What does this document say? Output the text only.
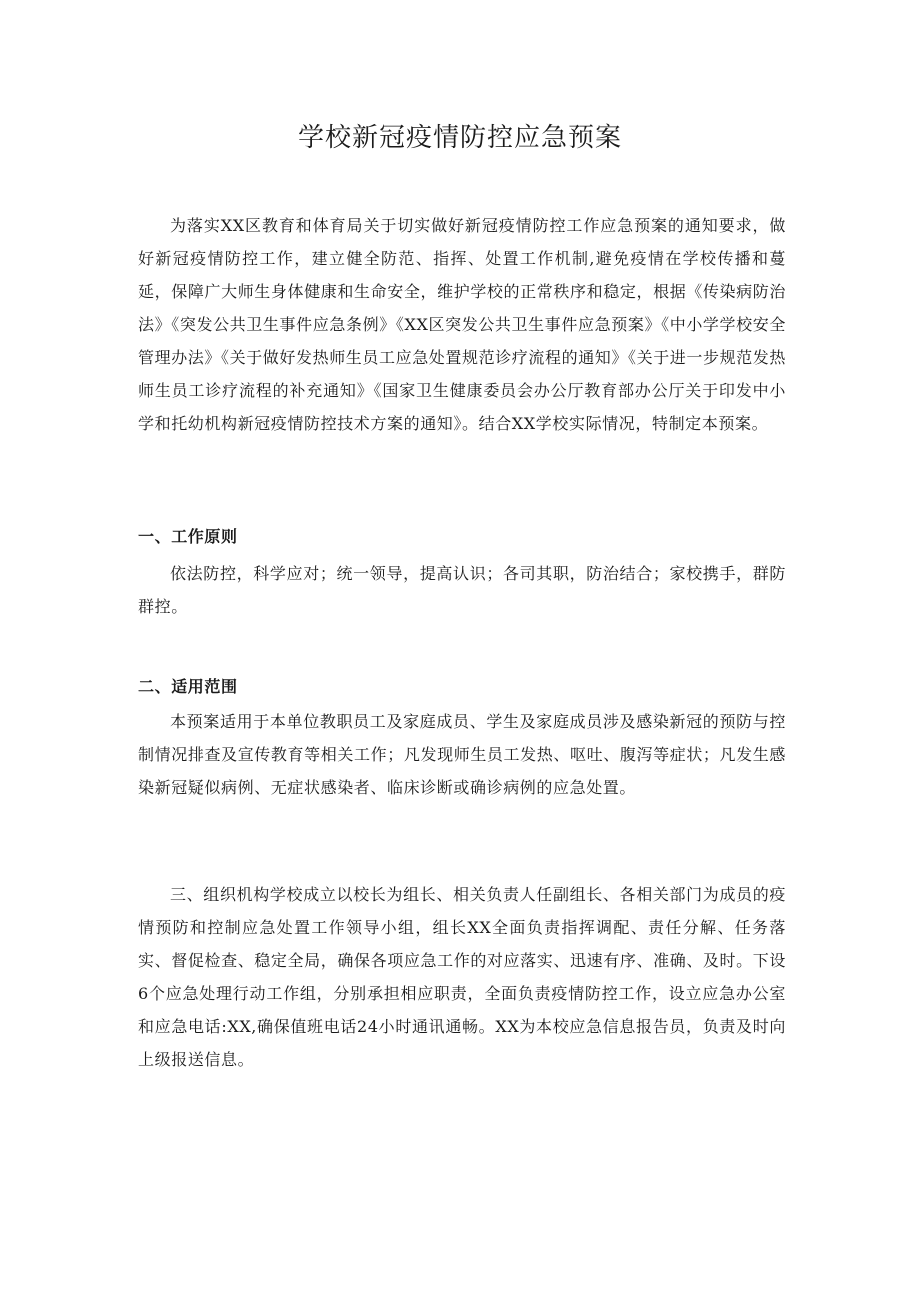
学校新冠疫情防控应急预案

为落实XX区教育和体育局关于切实做好新冠疫情防控工作应急预案的通知要求，做好新冠疫情防控工作，建立健全防范、指挥、处置工作机制,避免疫情在学校传播和蔓延，保障广大师生身体健康和生命安全，维护学校的正常秩序和稳定，根据《传染病防治法》《突发公共卫生事件应急条例》《XX区突发公共卫生事件应急预案》《中小学学校安全管理办法》《关于做好发热师生员工应急处置规范诊疗流程的通知》《关于进一步规范发热师生员工诊疗流程的补充通知》《国家卫生健康委员会办公厅教育部办公厅关于印发中小学和托幼机构新冠疫情防控技术方案的通知》。结合XX学校实际情况，特制定本预案。

一、工作原则

依法防控，科学应对；统一领导，提高认识；各司其职，防治结合；家校携手，群防群控。

二、适用范围

本预案适用于本单位教职员工及家庭成员、学生及家庭成员涉及感染新冠的预防与控制情况排查及宣传教育等相关工作；凡发现师生员工发热、呕吐、腹泻等症状；凡发生感染新冠疑似病例、无症状感染者、临床诊断或确诊病例的应急处置。

三、组织机构学校成立以校长为组长、相关负责人任副组长、各相关部门为成员的疫情预防和控制应急处置工作领导小组，组长XX全面负责指挥调配、责任分解、任务落实、督促检查、稳定全局，确保各项应急工作的对应落实、迅速有序、准确、及时。下设6个应急处理行动工作组，分别承担相应职责，全面负责疫情防控工作，设立应急办公室和应急电话:XX,确保值班电话24小时通讯通畅。XX为本校应急信息报告员，负责及时向上级报送信息。
